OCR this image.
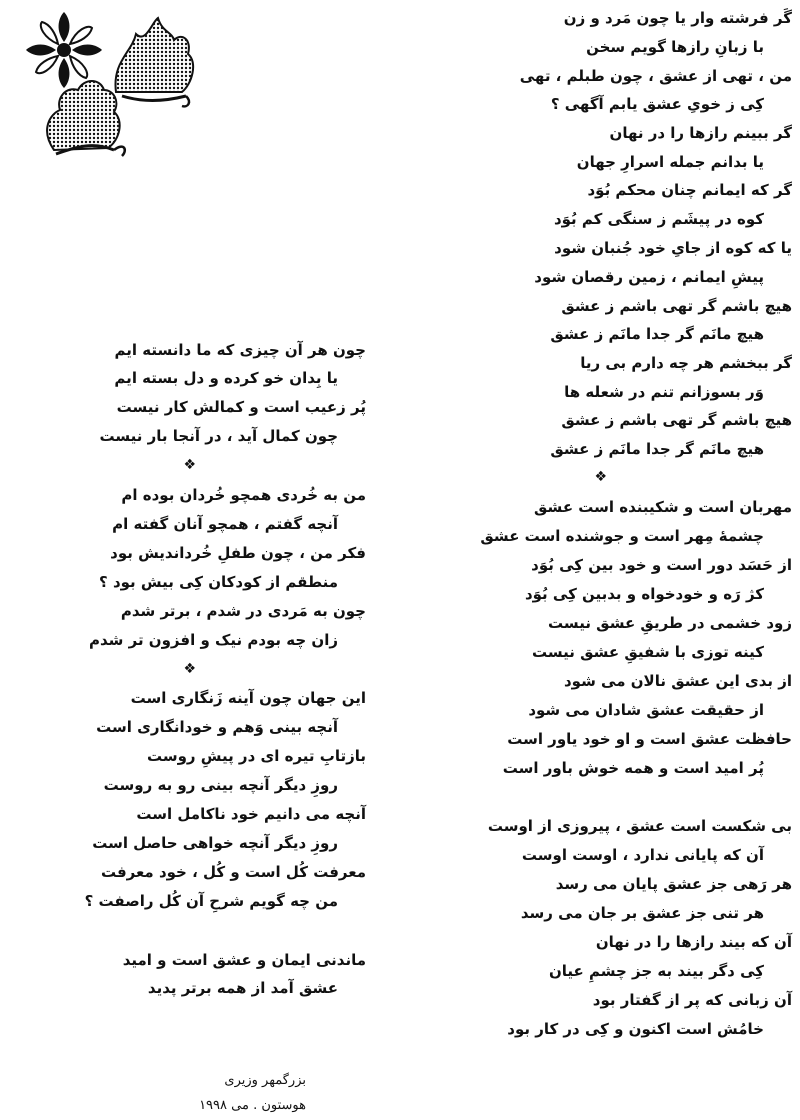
گَر فرشته وار یا چون مَرد و زن
با زبانِ رازها گویم سخن
من ، تهی از عشق ، چون طبلم ، تهی
کِی ز خویِ عشق یابم آگهی ؟
گر ببینم رازها را در نهان
یا بدانم جمله اسرارِ جهان
گر که ایمانم چنان محکم بُوَد
کوه در پیشَم ز سنگی کم بُوَد
یا که کوه از جایِ خود جُنبان شود
پیشِ ایمانم ، زمین رقصان شود
هیچ باشم گر تهی باشم ز عشق
هیچ مانَم گر جدا مانَم ز عشق
گر ببخشم هر چه دارم بی ریا
وَر بسوزانم تنم در شعله ها
هیچ باشم گر تهی باشم ز عشق
هیچ مانَم گر جدا مانَم ز عشق
❖
مهربان است و شکیبنده است عشق
چشمهٔ مِهر است و جوشنده است عشق
از حَسَد دور است و خود بین کِی بُوَد
کژ رَه و خودخواه و بدبین کِی بُوَد
زود خشمی در طریقِ عشق نیست
کینه توزی با شفیقِ عشق نیست
از بدی این عشق نالان می شود
از حقیقت عشق شادان می شود
حافظت عشق است و او خود یاور است
پُر امید است و همه خوش باور است
بی شکست است عشق ، پیروزی از اوست
آن که پایانی ندارد ، اوست اوست
هر رَهی جز عشق پایان می رسد
هر تنی جز عشق بر جان می رسد
آن که بیند رازها را در نهان
کِی دگر بیند به جز چشمِ عیان
آن زبانی که پر از گفتار بود
خامُش است اکنون و کِی در کار بود
چون هر آن چیزی که ما دانسته ایم
یا بِدان خو کرده و دل بسته ایم
پُر زعیب است و کمالش کار نیست
چون کمال آید ، در آنجا بار نیست
❖
من به خُردی همچو خُردان بوده ام
آنچه گفتم ، همچو آنان گفته ام
فکر من ، چون طفلِ خُرداندیش بود
منطقم از کودکان کِی بیش بود ؟
چون به مَردی در شدم ، برتر شدم
زان چه بودم نیک و افزون تر شدم
❖
این جهان چون آینه زَنگاری است
آنچه بینی وَهم و خودانگاری است
بازتابِ تیره ای در پیشِ روست
روزِ دیگر آنچه بینی رو به روست
آنچه می دانیم خود ناکامل است
روزِ دیگر آنچه خواهی حاصل است
معرفت کُل است و کُل ، خود معرفت
من چه گویم شرحِ آن کُل راصفت ؟
ماندنی ایمان و عشق است و امید
عشق آمد از همه برتر پدید
بزرگمهر وزیری
هوستون . می ۱۹۹۸
